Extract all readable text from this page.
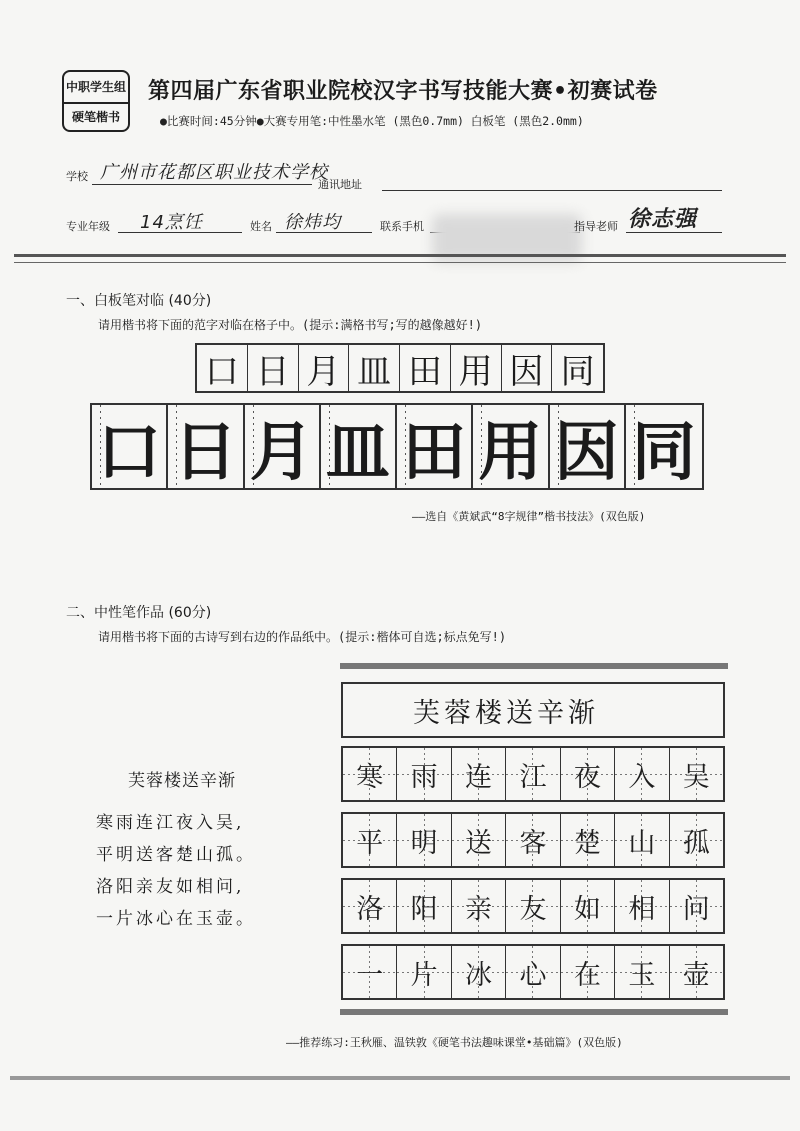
中职学生组
硬笔楷书
第四届广东省职业院校汉字书写技能大赛•初赛试卷
●比赛时间:45分钟●大赛专用笔:中性墨水笔 (黑色0.7mm) 白板笔 (黑色2.0mm)
学校 广州市花都区职业技术学校
通讯地址
专业年级 14烹饪	姓名 徐炜均	联系手机	指导老师 徐志强
一、白板笔对临 (40分)
请用楷书将下面的范字对临在格子中。(提示:满格书写;写的越像越好!)
口 日 月 皿 田 用 因 同
口 日 月 皿 田 用 因 同
——选自《黄斌武“8字规律”楷书技法》(双色版)
二、中性笔作品 (60分)
请用楷书将下面的古诗写到右边的作品纸中。(提示:楷体可自选;标点免写!)
芙蓉楼送辛渐
寒雨连江夜入吴,
平明送客楚山孤。
洛阳亲友如相问,
一片冰心在玉壶。
芙蓉楼送辛渐
寒	雨	连	江	夜	入	吴
平	明	送	客	楚	山	孤
洛	阳	亲	友	如	相	问
一	片	冰	心	在	玉	壶
——推荐练习:王秋雁、温铁敦《硬笔书法趣味课堂•基础篇》(双色版)
